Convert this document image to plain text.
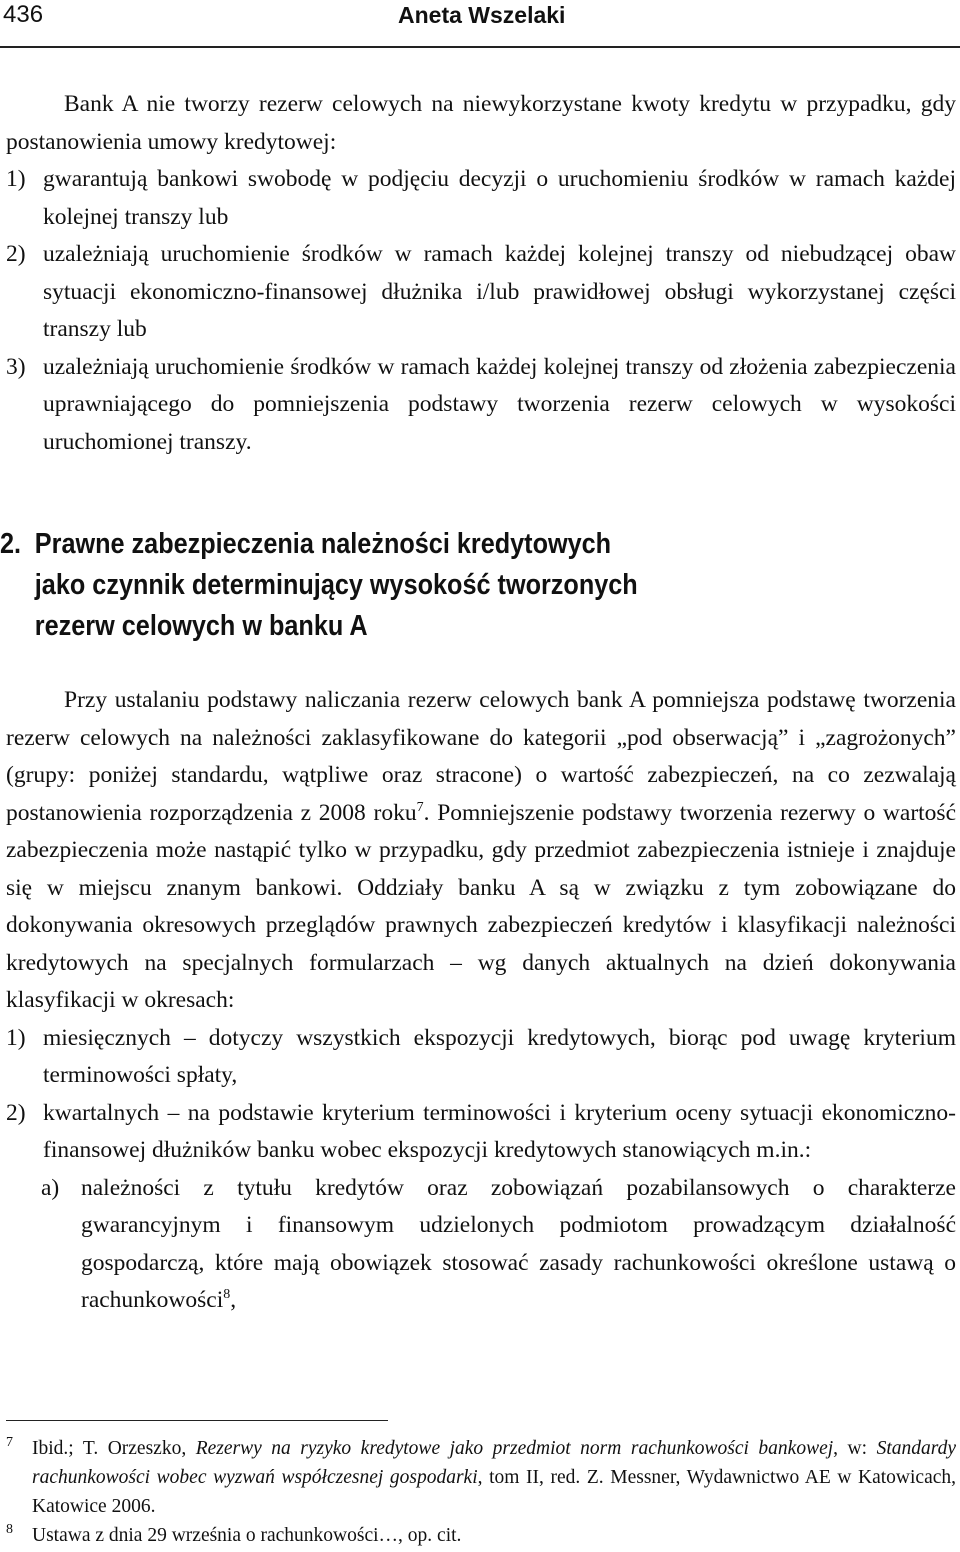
436	Aneta Wszelaki

Bank A nie tworzy rezerw celowych na niewykorzystane kwoty kredytu w przypadku, gdy postanowienia umowy kredytowej:

1) gwarantują bankowi swobodę w podjęciu decyzji o uruchomieniu środków w ramach każdej kolejnej transzy lub

2) uzależniają uruchomienie środków w ramach każdej kolejnej transzy od niebudzącej obaw sytuacji ekonomiczno-finansowej dłużnika i/lub prawidłowej obsługi wykorzystanej części transzy lub

3) uzależniają uruchomienie środków w ramach każdej kolejnej transzy od złożenia zabezpieczenia uprawniającego do pomniejszenia podstawy tworzenia rezerw celowych w wysokości uruchomionej transzy.

2. Prawne zabezpieczenia należności kredytowych
jako czynnik determinujący wysokość tworzonych
rezerw celowych w banku A

Przy ustalaniu podstawy naliczania rezerw celowych bank A pomniejsza podstawę tworzenia rezerw celowych na należności zaklasyfikowane do kategorii „pod obserwacją” i „zagrożonych” (grupy: poniżej standardu, wątpliwe oraz stracone) o wartość zabezpieczeń, na co zezwalają postanowienia rozporządzenia z 2008 roku$^7$. Pomniejszenie podstawy tworzenia rezerwy o wartość zabezpieczenia może nastąpić tylko w przypadku, gdy przedmiot zabezpieczenia istnieje i znajduje się w miejscu znanym bankowi. Oddziały banku A są w związku z tym zobowiązane do dokonywania okresowych przeglądów prawnych zabezpieczeń kredytów i klasyfikacji należności kredytowych na specjalnych formularzach – wg danych aktualnych na dzień dokonywania klasyfikacji w okresach:

1) miesięcznych – dotyczy wszystkich ekspozycji kredytowych, biorąc pod uwagę kryterium terminowości spłaty,

2) kwartalnych – na podstawie kryterium terminowości i kryterium oceny sytuacji ekonomiczno-finansowej dłużników banku wobec ekspozycji kredytowych stanowiących m.in.:

a) należności z tytułu kredytów oraz zobowiązań pozabilansowych o charakterze gwarancyjnym i finansowym udzielonych podmiotom prowadzącym działalność gospodarczą, które mają obowiązek stosować zasady rachunkowości określone ustawą o rachunkowości$^8$,

7 Ibid.; T. Orzeszko, Rezerwy na ryzyko kredytowe jako przedmiot norm rachunkowości bankowej, w: Standardy rachunkowości wobec wyzwań współczesnej gospodarki, tom II, red. Z. Messner, Wydawnictwo AE w Katowicach, Katowice 2006.
8 Ustawa z dnia 29 września o rachunkowości…, op. cit.
